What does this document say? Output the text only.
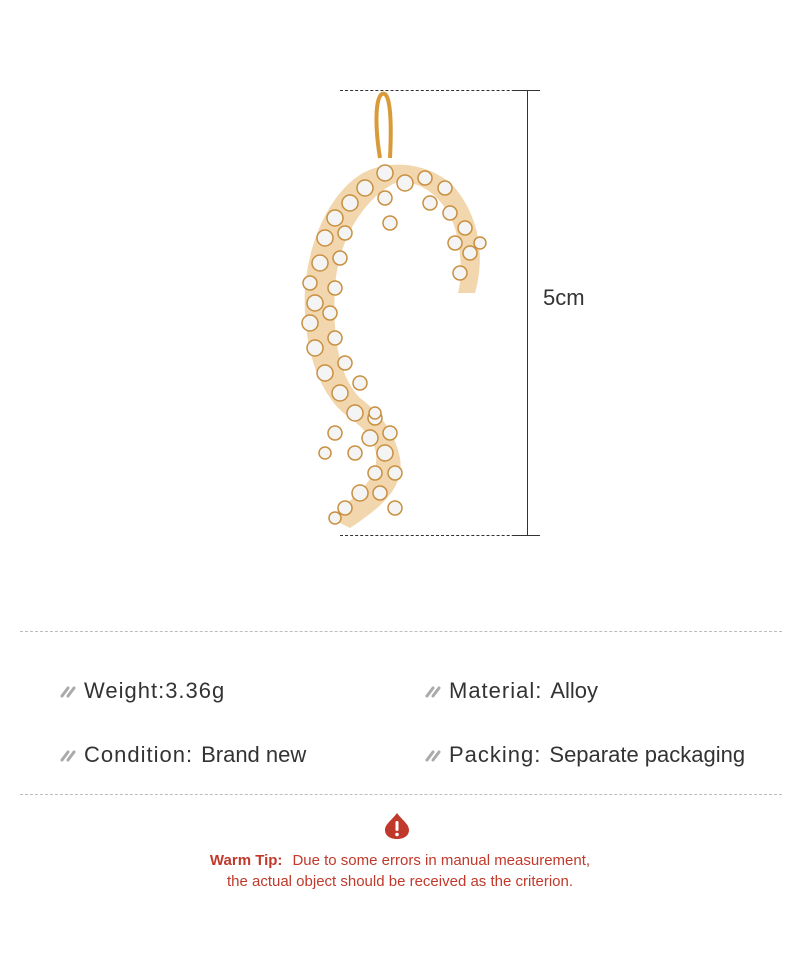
5cm
Weight: 3.36g	Material: Alloy
Condition: Brand new	Packing: Separate packaging
Warm Tip: Due to some errors in manual measurement,
the actual object should be received as the criterion.
